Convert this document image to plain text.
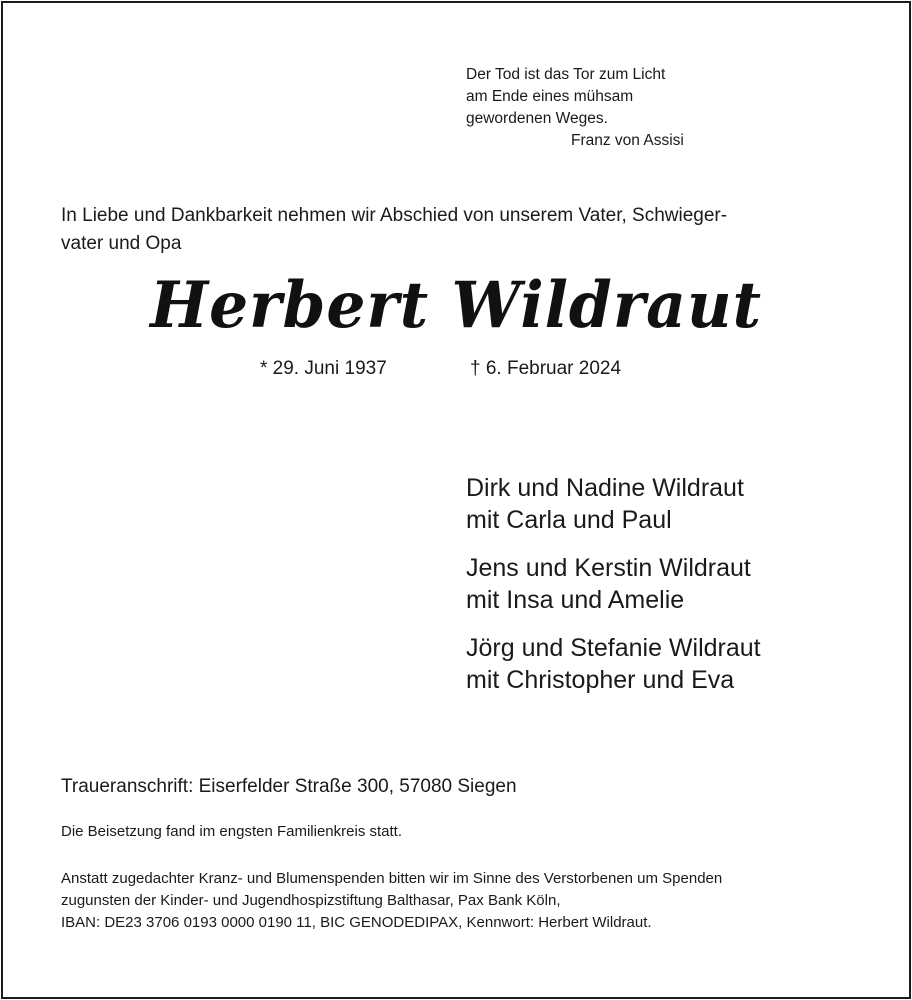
Der Tod ist das Tor zum Licht
am Ende eines mühsam
gewordenen Weges.
Franz von Assisi
In Liebe und Dankbarkeit nehmen wir Abschied von unserem Vater, Schwieger-
vater und Opa
Herbert Wildraut
* 29. Juni 1937	† 6. Februar 2024
Dirk und Nadine Wildraut
mit Carla und Paul
Jens und Kerstin Wildraut
mit Insa und Amelie
Jörg und Stefanie Wildraut
mit Christopher und Eva
Traueranschrift: Eiserfelder Straße 300, 57080 Siegen
Die Beisetzung fand im engsten Familienkreis statt.
Anstatt zugedachter Kranz- und Blumenspenden bitten wir im Sinne des Verstorbenen um Spenden
zugunsten der Kinder- und Jugendhospizstiftung Balthasar, Pax Bank Köln,
IBAN: DE23 3706 0193 0000 0190 11, BIC GENODEDIPAX, Kennwort: Herbert Wildraut.
